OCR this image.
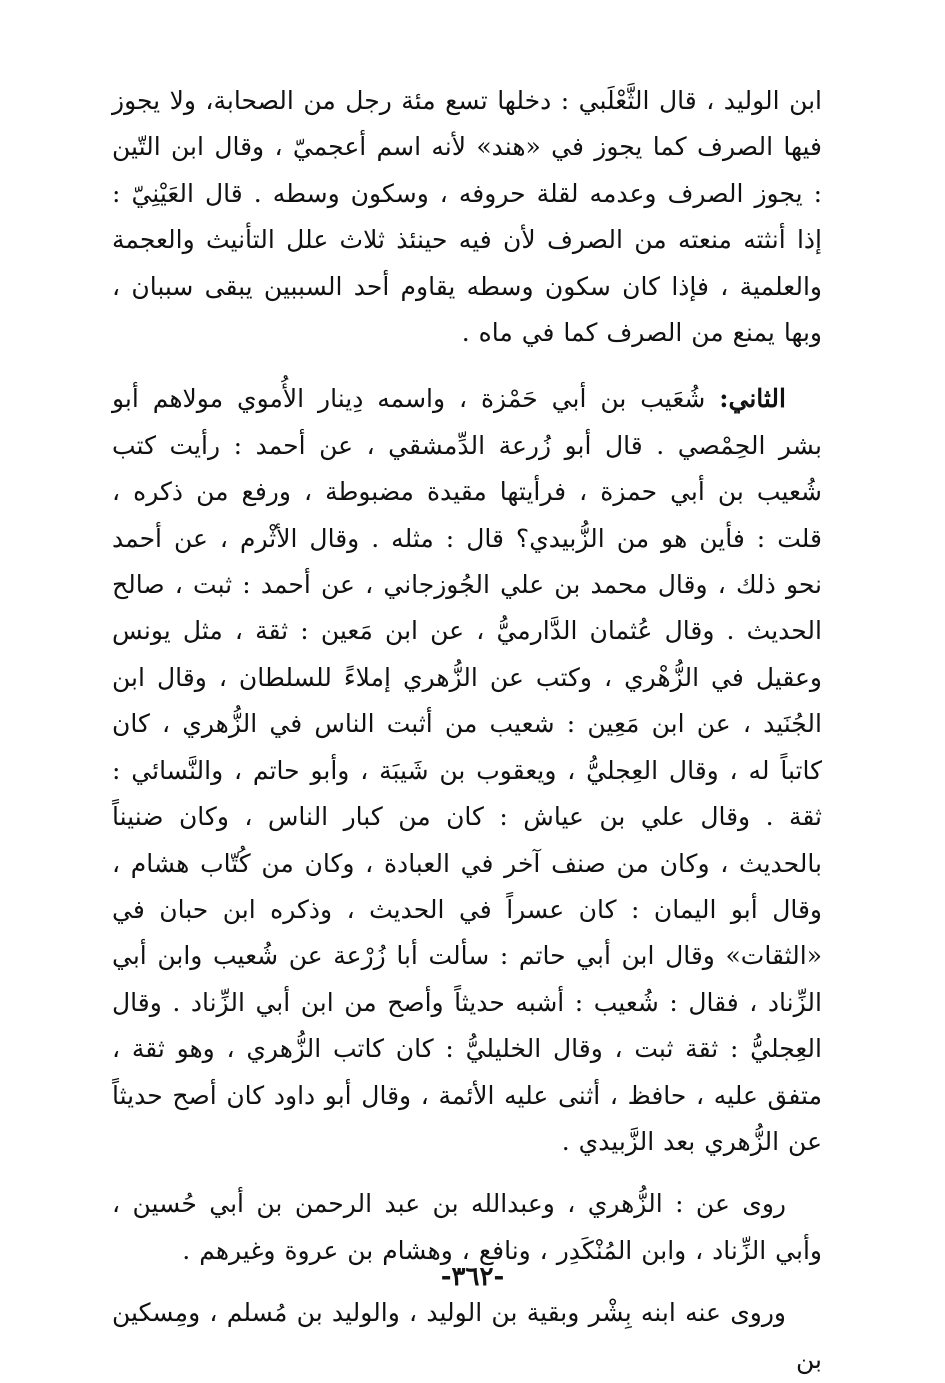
ابن الوليد ، قال الثَّعْلَبي : دخلها تسع مئة رجل من الصحابة، ولا يجوز فيها الصرف كما يجوز في «هند» لأنه اسم أعجميّ ، وقال ابن التّين : يجوز الصرف وعدمه لقلة حروفه ، وسكون وسطه . قال العَيْنِيّ : إذا أنثته منعته من الصرف لأن فيه حينئذ ثلاث علل التأنيث والعجمة والعلمية ، فإذا كان سكون وسطه يقاوم أحد السببين يبقى سببان ، وبها يمنع من الصرف كما في ماه .

الثاني: شُعَيب بن أبي حَمْزة ، واسمه دِينار الأُموي مولاهم أبو بشر الحِمْصي . قال أبو زُرعة الدِّمشقي ، عن أحمد : رأيت كتب شُعيب بن أبي حمزة ، فرأيتها مقيدة مضبوطة ، ورفع من ذكره ، قلت : فأين هو من الزُّبيدي؟ قال : مثله . وقال الأثْرم ، عن أحمد نحو ذلك ، وقال محمد بن علي الجُوزجاني ، عن أحمد : ثبت ، صالح الحديث . وقال عُثمان الدَّارميُّ ، عن ابن مَعين : ثقة ، مثل يونس وعقيل في الزُّهْري ، وكتب عن الزُّهري إملاءً للسلطان ، وقال ابن الجُنَيد ، عن ابن مَعِين : شعيب من أثبت الناس في الزُّهري ، كان كاتباً له ، وقال العِجليُّ ، ويعقوب بن شَيبَة ، وأبو حاتم ، والنَّسائي : ثقة . وقال علي بن عياش : كان من كبار الناس ، وكان ضنيناً بالحديث ، وكان من صنف آخر في العبادة ، وكان من كُتّاب هشام ، وقال أبو اليمان : كان عسراً في الحديث ، وذكره ابن حبان في «الثقات» وقال ابن أبي حاتم : سألت أبا زُرْعة عن شُعيب وابن أبي الزِّناد ، فقال : شُعيب : أشبه حديثاً وأصح من ابن أبي الزِّناد . وقال العِجليُّ : ثقة ثبت ، وقال الخليليُّ : كان كاتب الزُّهري ، وهو ثقة ، متفق عليه ، حافظ ، أثنى عليه الأئمة ، وقال أبو داود كان أصح حديثاً عن الزُّهري بعد الزَّبيدي .

روى عن : الزُّهري ، وعبدالله بن عبد الرحمن بن أبي حُسين ، وأبي الزِّناد ، وابن المُنْكَدِر ، ونافع ، وهشام بن عروة وغيرهم .

وروى عنه ابنه بِشْر وبقية بن الوليد ، والوليد بن مُسلم ، ومِسكين بن

-٣٦٢-
